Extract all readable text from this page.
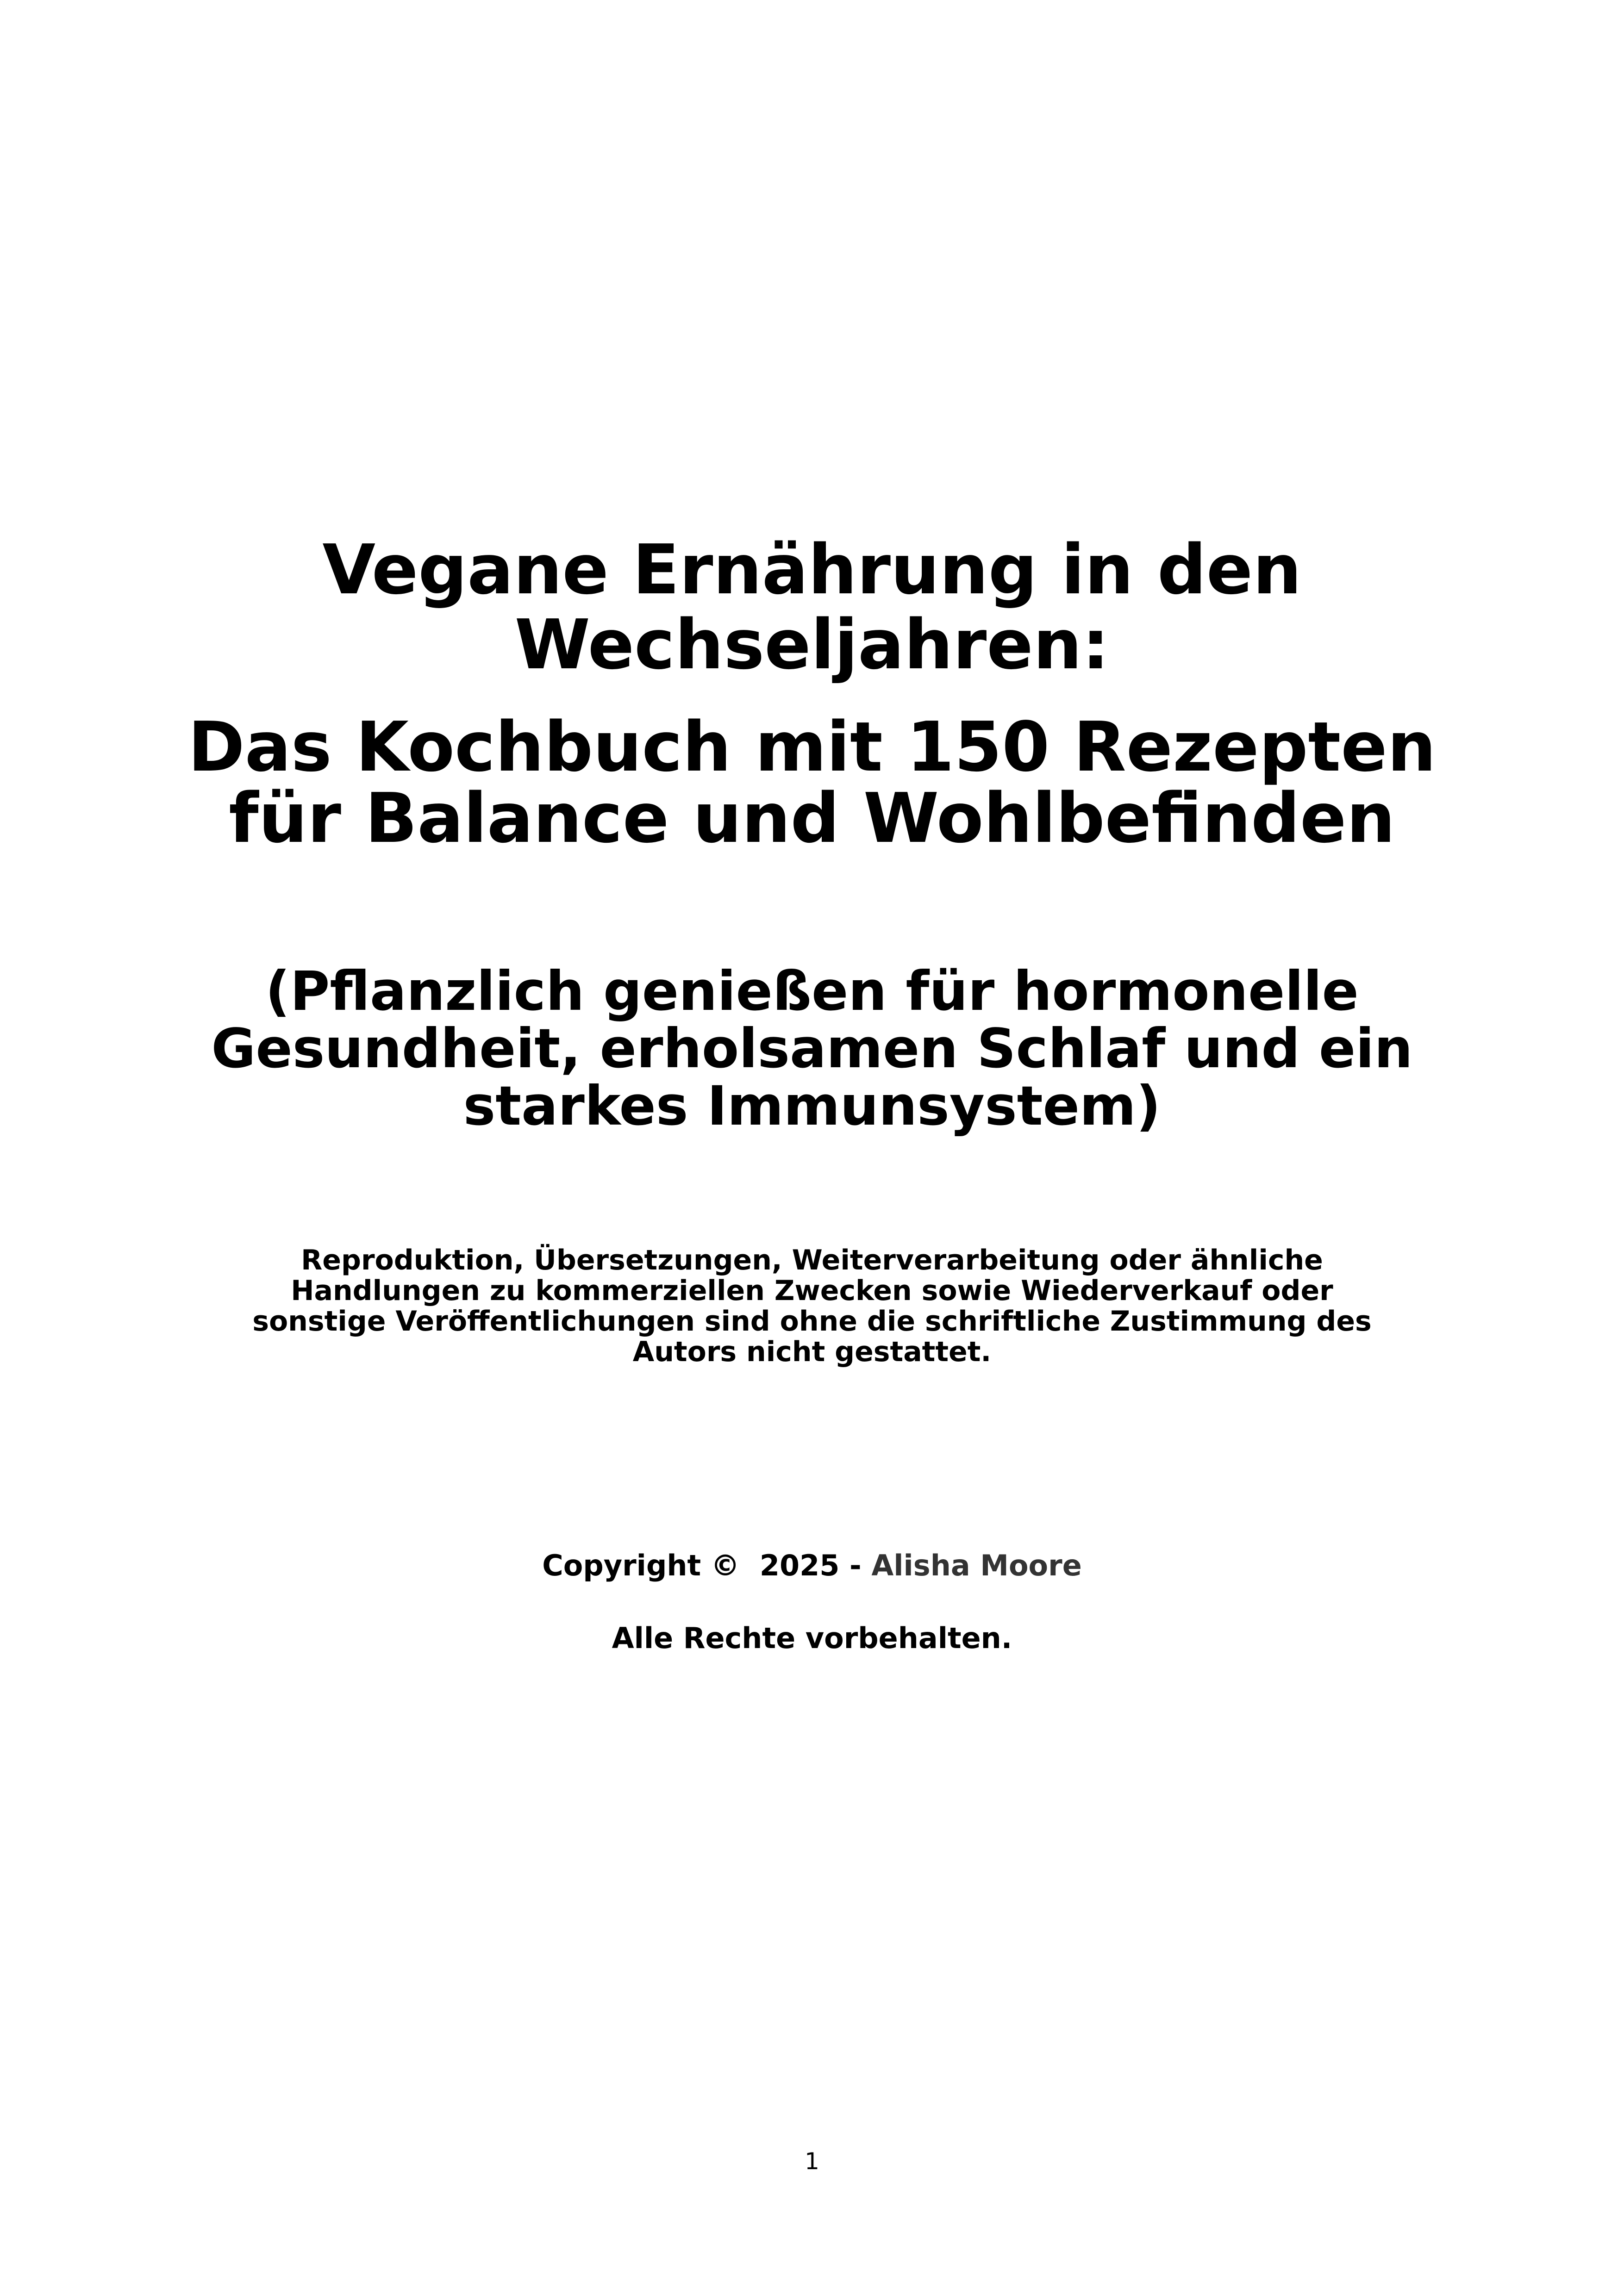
Vegane Ernährung in den
Wechseljahren:
Das Kochbuch mit 150 Rezepten
für Balance und Wohlbefinden
(Pflanzlich genießen für hormonelle
Gesundheit, erholsamen Schlaf und ein
starkes Immunsystem)
Reproduktion, Übersetzungen, Weiterverarbeitung oder ähnliche
Handlungen zu kommerziellen Zwecken sowie Wiederverkauf oder
sonstige Veröffentlichungen sind ohne die schriftliche Zustimmung des
Autors nicht gestattet.
Copyright ©  2025 - Alisha Moore
Alle Rechte vorbehalten.
1
